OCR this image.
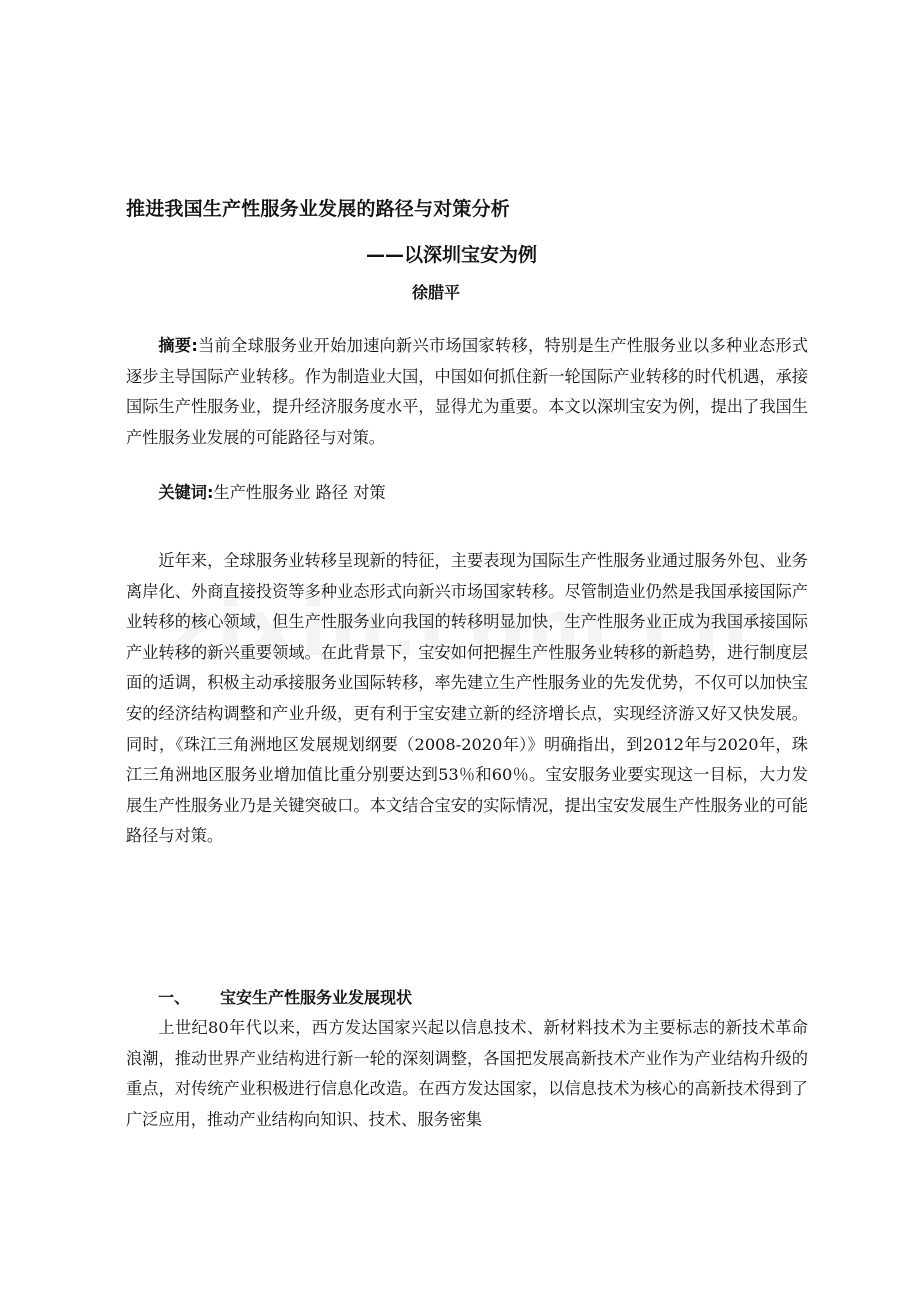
推进我国生产性服务业发展的路径与对策分析
——以深圳宝安为例
徐腊平

摘要:当前全球服务业开始加速向新兴市场国家转移，特别是生产性服务业以多种业态形式逐步主导国际产业转移。作为制造业大国，中国如何抓住新一轮国际产业转移的时代机遇，承接国际生产性服务业，提升经济服务度水平，显得尤为重要。本文以深圳宝安为例，提出了我国生产性服务业发展的可能路径与对策。

关键词:生产性服务业 路径 对策

近年来，全球服务业转移呈现新的特征，主要表现为国际生产性服务业通过服务外包、业务离岸化、外商直接投资等多种业态形式向新兴市场国家转移。尽管制造业仍然是我国承接国际产业转移的核心领域，但生产性服务业向我国的转移明显加快，生产性服务业正成为我国承接国际产业转移的新兴重要领域。在此背景下，宝安如何把握生产性服务业转移的新趋势，进行制度层面的适调，积极主动承接服务业国际转移，率先建立生产性服务业的先发优势，不仅可以加快宝安的经济结构调整和产业升级，更有利于宝安建立新的经济增长点，实现经济游又好又快发展。同时，《珠江三角洲地区发展规划纲要（2008-2020年）》明确指出，到2012年与2020年，珠江三角洲地区服务业增加值比重分别要达到53％和60％。宝安服务业要实现这一目标，大力发展生产性服务业乃是关键突破口。本文结合宝安的实际情况，提出宝安发展生产性服务业的可能路径与对策。

一、 宝安生产性服务业发展现状

上世纪80年代以来，西方发达国家兴起以信息技术、新材料技术为主要标志的新技术革命浪潮，推动世界产业结构进行新一轮的深刻调整，各国把发展高新技术产业作为产业结构升级的重点，对传统产业积极进行信息化改造。在西方发达国家，以信息技术为核心的高新技术得到了广泛应用，推动产业结构向知识、技术、服务密集
